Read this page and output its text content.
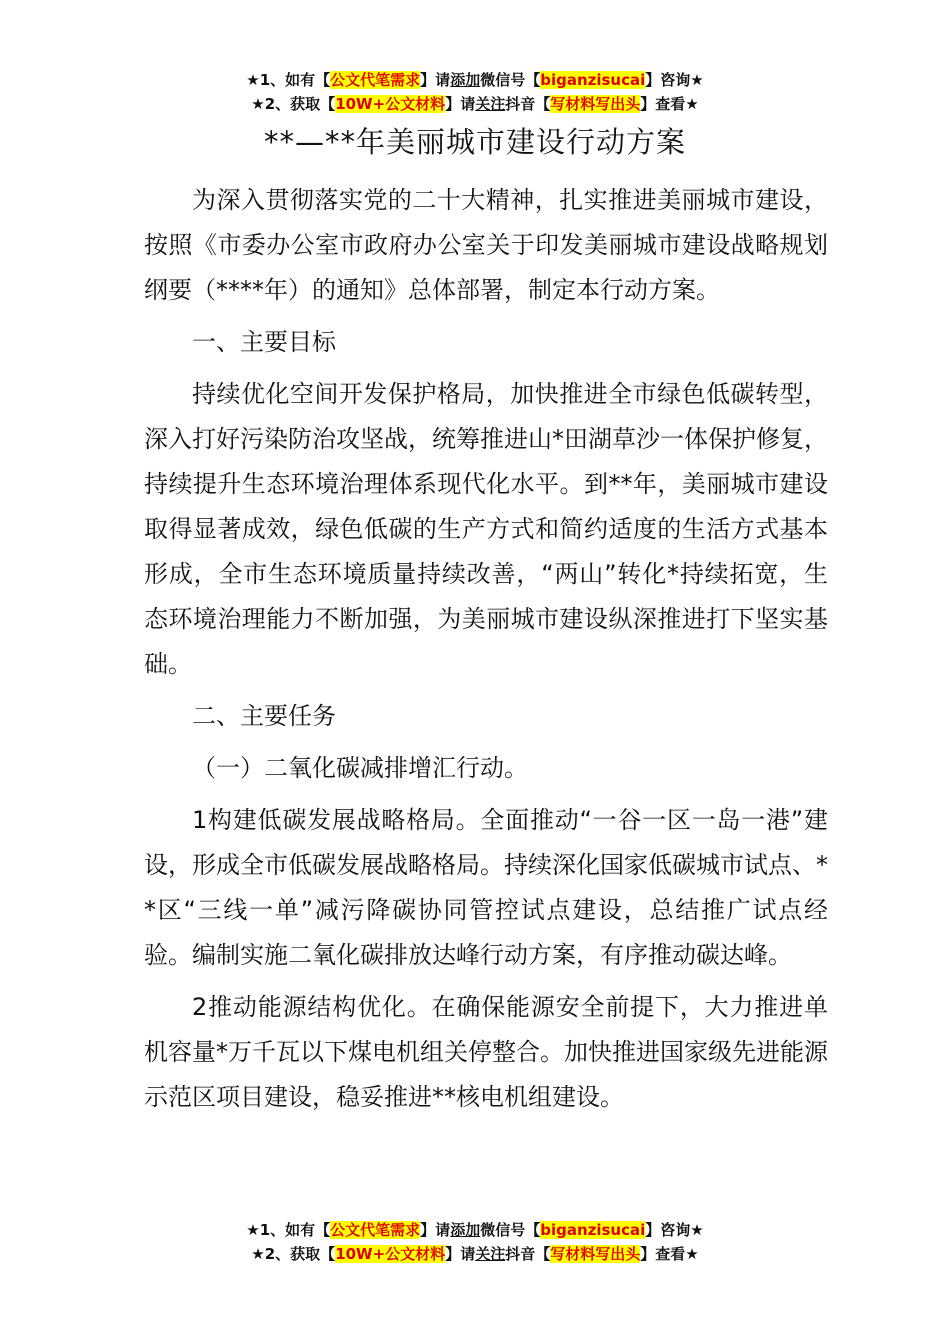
★1、如有【公文代笔需求】请添加微信号【biganzisucai】咨询★
★2、获取【10W+公文材料】请关注抖音【写材料写出头】查看★
**—**年美丽城市建设行动方案

为深入贯彻落实党的二十大精神，扎实推进美丽城市建设，按照《市委办公室市政府办公室关于印发美丽城市建设战略规划纲要（****年）的通知》总体部署，制定本行动方案。

一、主要目标

持续优化空间开发保护格局，加快推进全市绿色低碳转型，深入打好污染防治攻坚战，统筹推进山*田湖草沙一体保护修复，持续提升生态环境治理体系现代化水平。到**年，美丽城市建设取得显著成效，绿色低碳的生产方式和简约适度的生活方式基本形成，全市生态环境质量持续改善，“两山”转化*持续拓宽，生态环境治理能力不断加强，为美丽城市建设纵深推进打下坚实基础。

二、主要任务

（一）二氧化碳减排增汇行动。

1构建低碳发展战略格局。全面推动“一谷一区一岛一港”建设，形成全市低碳发展战略格局。持续深化国家低碳城市试点、**区“三线一单”减污降碳协同管控试点建设，总结推广试点经验。编制实施二氧化碳排放达峰行动方案，有序推动碳达峰。

2推动能源结构优化。在确保能源安全前提下，大力推进单机容量*万千瓦以下煤电机组关停整合。加快推进国家级先进能源示范区项目建设，稳妥推进**核电机组建设。

★1、如有【公文代笔需求】请添加微信号【biganzisucai】咨询★
★2、获取【10W+公文材料】请关注抖音【写材料写出头】查看★
